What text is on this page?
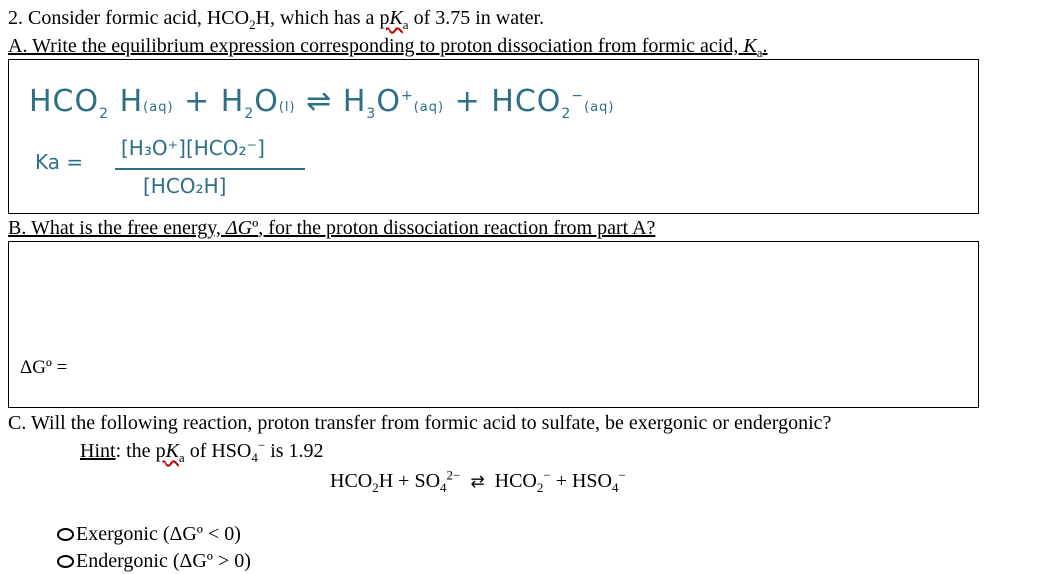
2. Consider formic acid, $HCO_2H$, which has a $pK_a$ of 3.75 in water.
A. Write the equilibrium expression corresponding to proton dissociation from formic acid, $K_a$.
$HCO_2$ $H(aq) + H_2O(l)$ ⇌ $H_3O^+(aq) + HCO_2^-(aq)$
Ka =
[H₃O⁺][HCO₂⁻]
[HCO₂H]
B. What is the free energy, ΔGº, for the proton dissociation reaction from part A?
ΔGº =
C. Will the following reaction, proton transfer from formic acid to sulfate, be exergonic or endergonic?
Hint: the $pK_a$ of $HSO_4^-$ is 1.92
$HCO_2H + SO_4^{2-}$ ⇄ $HCO_2^- + HSO_4^-$
Exergonic (ΔGº < 0)
Endergonic (ΔGº > 0)
